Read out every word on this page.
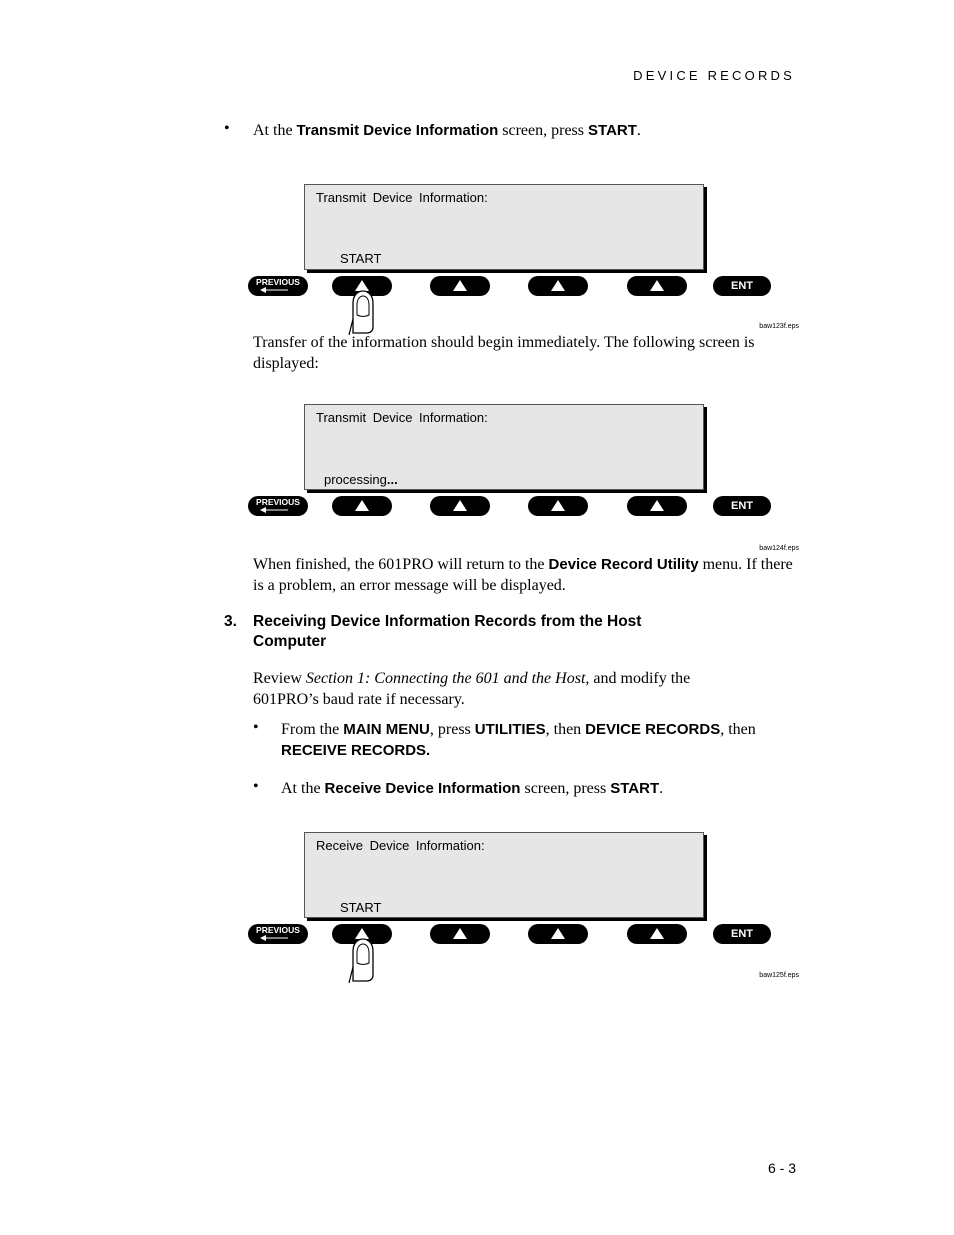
DEVICE RECORDS
• At the Transmit Device Information screen, press START.
Transmit Device Information:
START
PREVIOUS	ENT
baw123f.eps
Transfer of the information should begin immediately. The following screen is displayed:
Transmit Device Information:
processing...
PREVIOUS	ENT
baw124f.eps
When finished, the 601PRO will return to the Device Record Utility menu. If there is a problem, an error message will be displayed.
3. Receiving Device Information Records from the Host
Computer
Review Section 1: Connecting the 601 and the Host, and modify the
601PRO’s baud rate if necessary.
• From the MAIN MENU, press UTILITIES, then DEVICE RECORDS, then
RECEIVE RECORDS.
• At the Receive Device Information screen, press START.
Receive Device Information:
START
PREVIOUS	ENT
baw125f.eps
6 - 3
